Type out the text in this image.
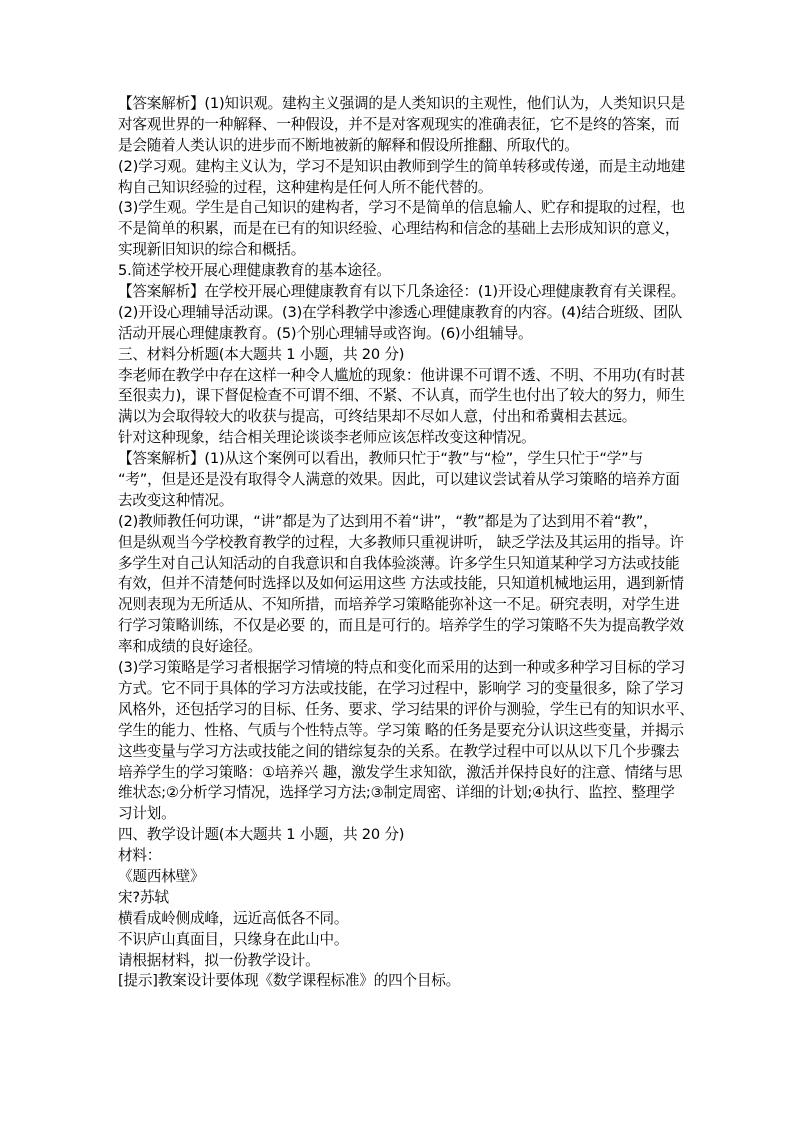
【答案解析】(1)知识观。建构主义强调的是人类知识的主观性，他们认为，人类知识只是
对客观世界的一种解释、一种假设，并不是对客观现实的准确表征，它不是终的答案，而
是会随着人类认识的进步而不断地被新的解释和假设所推翻、所取代的。
(2)学习观。建构主义认为，学习不是知识由教师到学生的简单转移或传递，而是主动地建
构自己知识经验的过程，这种建构是任何人所不能代替的。
(3)学生观。学生是自己知识的建构者，学习不是简单的信息输人、贮存和提取的过程，也
不是简单的积累，而是在已有的知识经验、心理结构和信念的基础上去形成知识的意义，
实现新旧知识的综合和概括。
5.简述学校开展心理健康教育的基本途径。
【答案解析】在学校开展心理健康教育有以下几条途径：(1)开设心理健康教育有关课程。
(2)开设心理辅导活动课。(3)在学科教学中渗透心理健康教育的内容。(4)结合班级、团队
活动开展心理健康教育。(5)个别心理辅导或咨询。(6)小组辅导。
三、材料分析题(本大题共 1 小题，共 20 分)
李老师在教学中存在这样一种令人尴尬的现象：他讲课不可谓不透、不明、不用功(有时甚
至很卖力)，课下督促检查不可谓不细、不紧、不认真，而学生也付出了较大的努力，师生
满以为会取得较大的收获与提高，可终结果却不尽如人意，付出和希冀相去甚远。
针对这种现象，结合相关理论谈谈李老师应该怎样改变这种情况。
【答案解析】(1)从这个案例可以看出，教师只忙于“教”与“检”，学生只忙于“学”与
“考”，但是还是没有取得令人满意的效果。因此，可以建议尝试着从学习策略的培养方面
去改变这种情况。
(2)教师教任何功课，“讲”都是为了达到用不着“讲”，“教”都是为了达到用不着“教”，
但是纵观当今学校教育教学的过程，大多教师只重视讲听， 缺乏学法及其运用的指导。许
多学生对自己认知活动的自我意识和自我体验淡薄。许多学生只知道某种学习方法或技能
有效，但并不清楚何时选择以及如何运用这些 方法或技能，只知道机械地运用，遇到新情
况则表现为无所适从、不知所措，而培养学习策略能弥补这一不足。研究表明，对学生进
行学习策略训练，不仅是必要 的，而且是可行的。培养学生的学习策略不失为提高教学效
率和成绩的良好途径。
(3)学习策略是学习者根据学习情境的特点和变化而采用的达到一种或多种学习目标的学习
方式。它不同于具体的学习方法或技能，在学习过程中，影响学 习的变量很多，除了学习
风格外，还包括学习的目标、任务、要求、学习结果的评价与测验，学生已有的知识水平、
学生的能力、性格、气质与个性特点等。学习策 略的任务是要充分认识这些变量，并揭示
这些变量与学习方法或技能之间的错综复杂的关系。在教学过程中可以从以下几个步骤去
培养学生的学习策略：①培养兴 趣，激发学生求知欲，激活并保持良好的注意、情绪与思
维状态;②分析学习情况，选择学习方法;③制定周密、详细的计划;④执行、监控、整理学
习计划。
四、教学设计题(本大题共 1 小题，共 20 分)
材料：
《题西林壁》
宋?苏轼
横看成岭侧成峰，远近高低各不同。
不识庐山真面目，只缘身在此山中。
请根据材料，拟一份教学设计。
[提示]教案设计要体现《数学课程标准》的四个目标。
